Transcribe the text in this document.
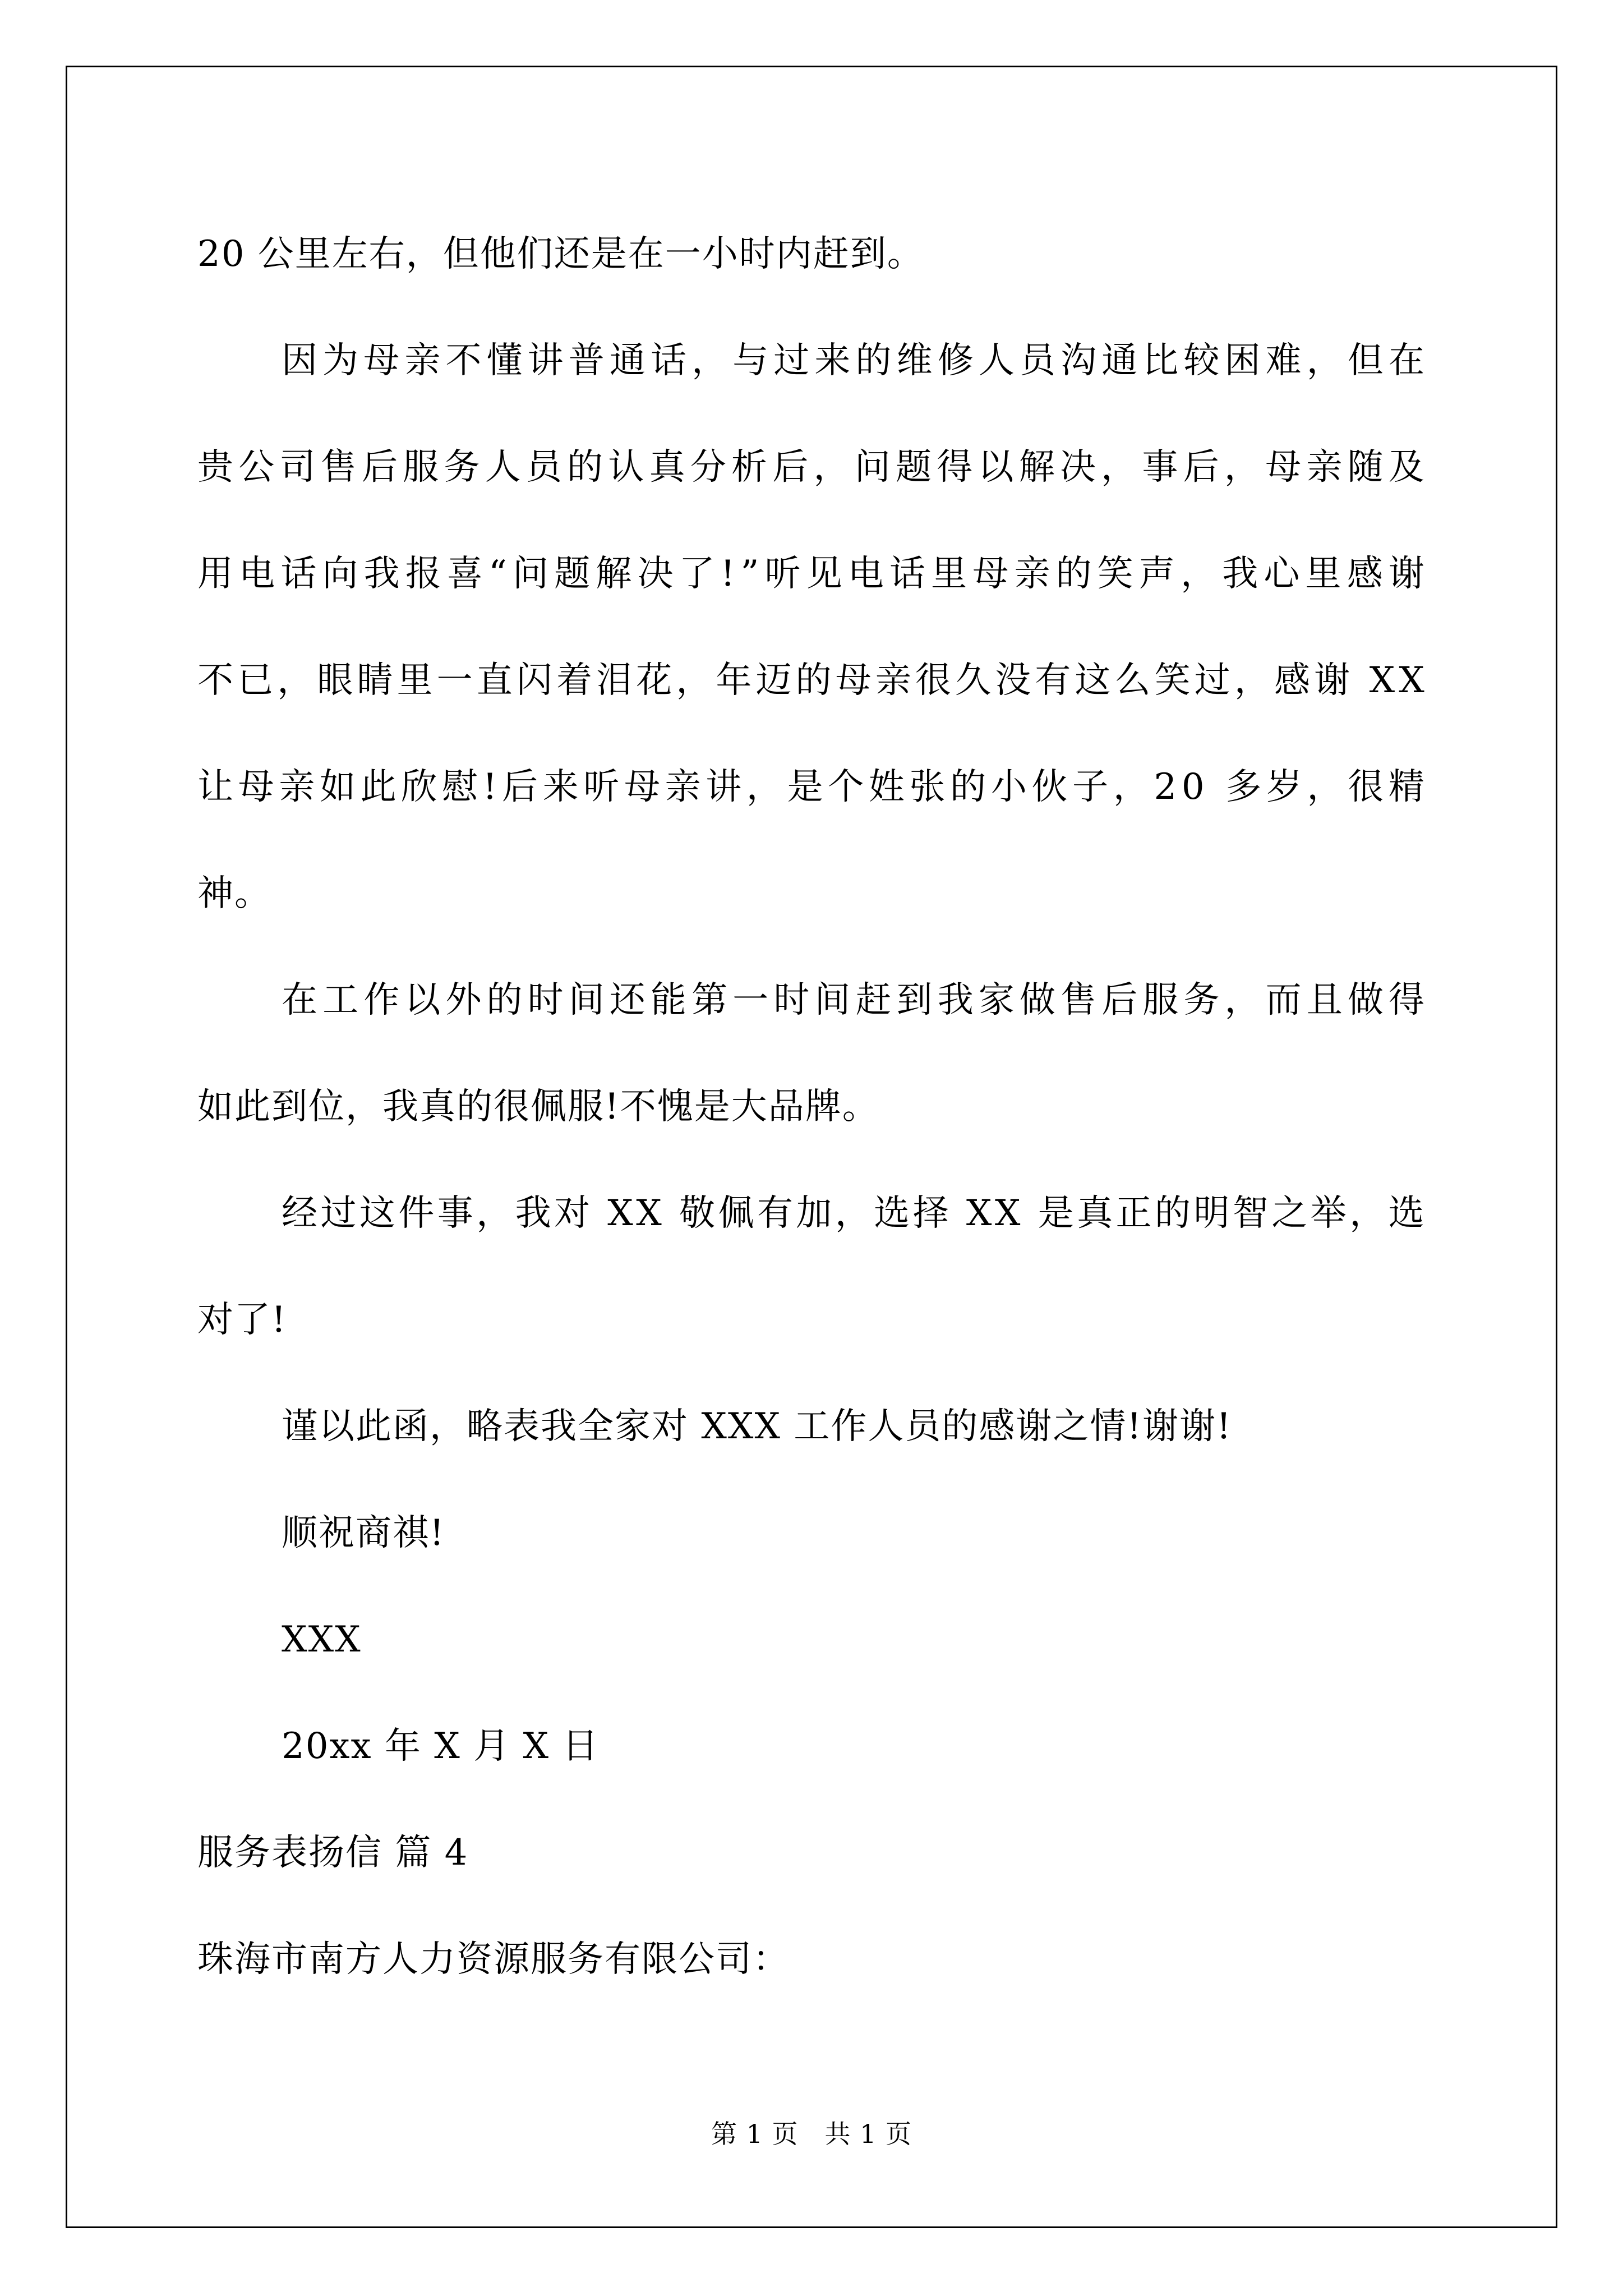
20 公里左右，但他们还是在一小时内赶到。
因 为 母 亲 不 懂 讲 普 通 话 ， 与 过 来 的 维 修 人 员 沟 通 比 较 困 难 ， 但 在
贵 公 司 售 后 服 务 人 员 的 认 真 分 析 后 ， 问 题 得 以 解 决 ， 事 后 ， 母 亲 随 及
用 电 话 向 我 报 喜 “ 问 题 解 决 了 ! ” 听 见 电 话 里 母 亲 的 笑 声 ， 我 心 里 感 谢
不 已 ， 眼 睛 里 一 直 闪 着 泪 花 ， 年 迈 的 母 亲 很 久 没 有 这 么 笑 过 ， 感 谢
X X
让 母 亲 如 此 欣 慰 ! 后 来 听 母 亲 讲 ， 是 个 姓 张 的 小 伙 子 ， 2 0
多 岁 ， 很 精
神。
在 工 作 以 外 的 时 间 还 能 第 一 时 间 赶 到 我 家 做 售 后 服 务 ， 而 且 做 得
如此到位，我真的很佩服!不愧是大品牌。
经 过 这 件 事 ， 我 对
X X
敬 佩 有 加 ， 选 择
X X
是 真 正 的 明 智 之 举 ， 选
对了!
谨以此函，略表我全家对 XXX 工作人员的感谢之情!谢谢!
顺祝商祺!
XXX
20xx 年 X 月 X 日
服务表扬信 篇 4
珠海市南方人力资源服务有限公司：
第 1 页　共 1 页
